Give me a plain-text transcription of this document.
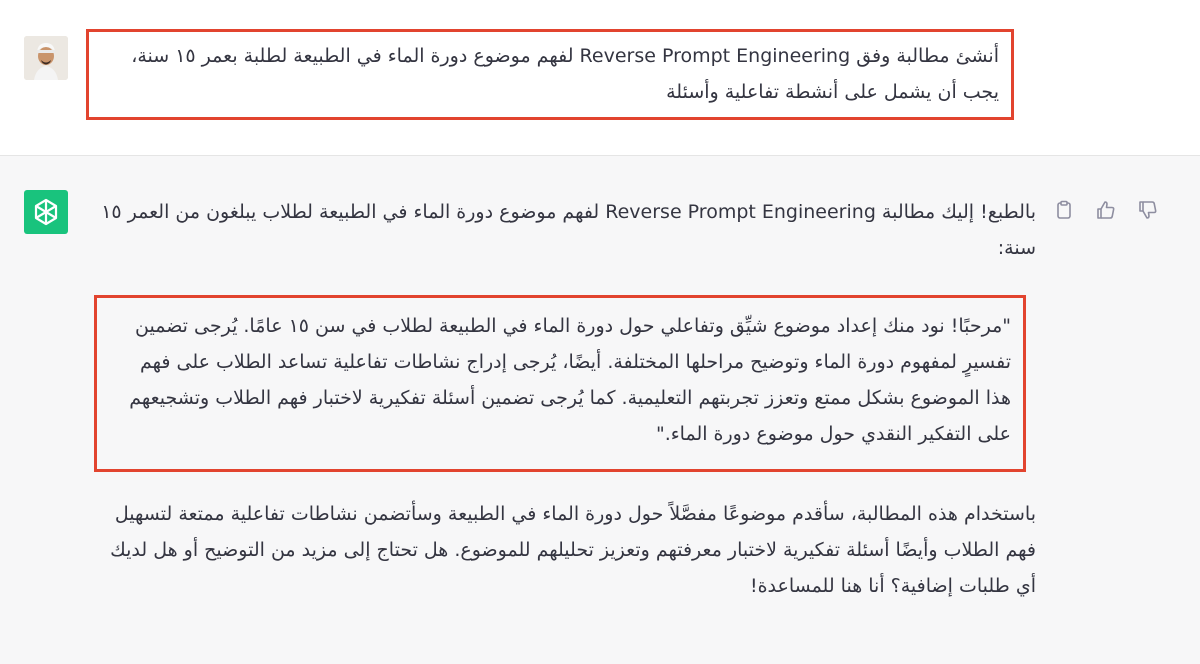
أنشئ مطالبة وفق Reverse Prompt Engineering لفهم موضوع دورة الماء في الطبيعة لطلبة بعمر ١٥ سنة، يجب أن يشمل على أنشطة تفاعلية وأسئلة
بالطبع! إليك مطالبة Reverse Prompt Engineering لفهم موضوع دورة الماء في الطبيعة لطلاب يبلغون من العمر ١٥ سنة:
"مرحبًا! نود منك إعداد موضوع شيِّق وتفاعلي حول دورة الماء في الطبيعة لطلاب في سن ١٥ عامًا. يُرجى تضمين تفسيرٍ لمفهوم دورة الماء وتوضيح مراحلها المختلفة. أيضًا، يُرجى إدراج نشاطات تفاعلية تساعد الطلاب على فهم هذا الموضوع بشكل ممتع وتعزز تجربتهم التعليمية. كما يُرجى تضمين أسئلة تفكيرية لاختبار فهم الطلاب وتشجيعهم على التفكير النقدي حول موضوع دورة الماء."
باستخدام هذه المطالبة، سأقدم موضوعًا مفصَّلاً حول دورة الماء في الطبيعة وسأتضمن نشاطات تفاعلية ممتعة لتسهيل فهم الطلاب وأيضًا أسئلة تفكيرية لاختبار معرفتهم وتعزيز تحليلهم للموضوع. هل تحتاج إلى مزيد من التوضيح أو هل لديك أي طلبات إضافية؟ أنا هنا للمساعدة!
